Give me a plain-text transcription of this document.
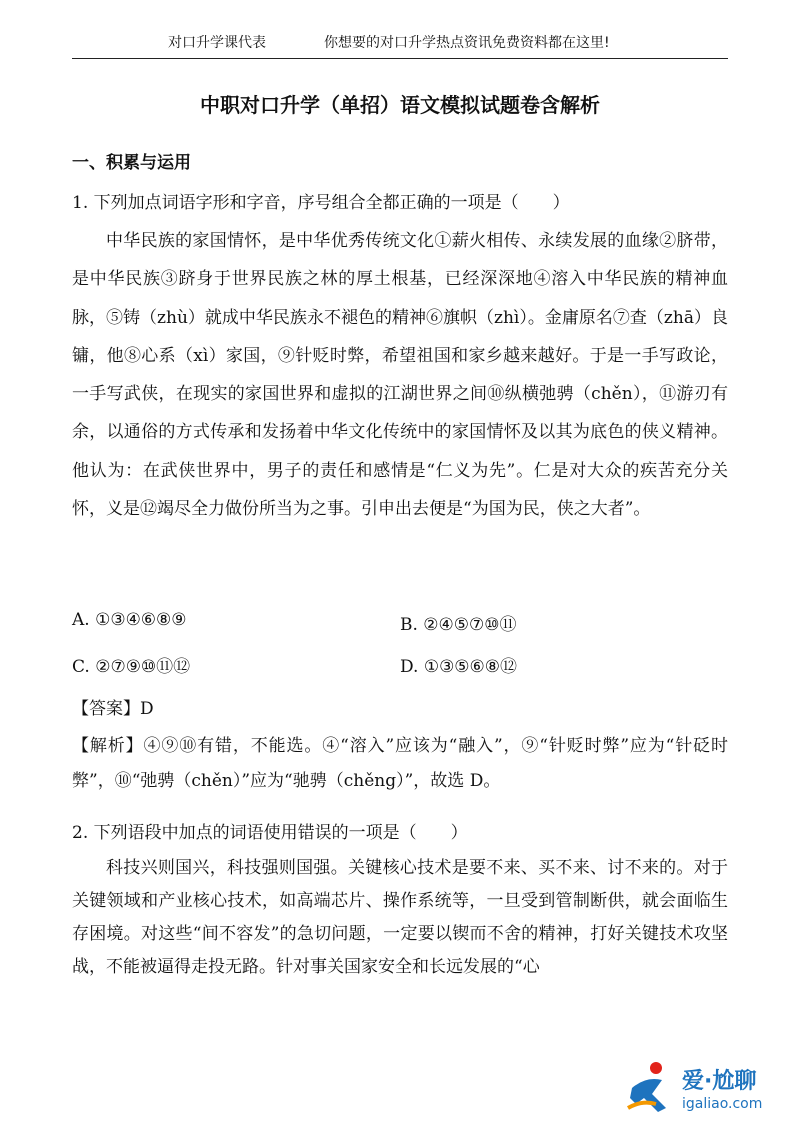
对口升学课代表	你想要的对口升学热点资讯免费资料都在这里!
中职对口升学（单招）语文模拟试题卷含解析
一、积累与运用
1. 下列加点词语字形和字音，序号组合全都正确的一项是（　　）
中华民族的家国情怀，是中华优秀传统文化①薪火相传、永续发展的血缘②脐带，是中华民族③跻身于世界民族之林的厚土根基，已经深深地④溶入中华民族的精神血脉，⑤铸（zhù）就成中华民族永不褪色的精神⑥旗帜（zhì）。金庸原名⑦查（zhā）良镛，他⑧心系（xì）家国，⑨针贬时弊，希望祖国和家乡越来越好。于是一手写政论，一手写武侠，在现实的家国世界和虚拟的江湖世界之间⑩纵横弛骋（chěn），⑪游刃有余，以通俗的方式传承和发扬着中华文化传统中的家国情怀及以其为底色的侠义精神。他认为：在武侠世界中，男子的责任和感情是“仁义为先”。仁是对大众的疾苦充分关怀，义是⑫竭尽全力做份所当为之事。引申出去便是“为国为民，侠之大者”。
A. ①③④⑥⑧⑨	B. ②④⑤⑦⑩⑪
C. ②⑦⑨⑩⑪⑫	D. ①③⑤⑥⑧⑫
【答案】D
【解析】④⑨⑩有错，不能选。④“溶入”应该为“融入”，⑨“针贬时弊”应为“针砭时弊”，⑩“弛骋（chěn）”应为“驰骋（chěng）”，故选 D。
2. 下列语段中加点的词语使用错误的一项是（　　）
科技兴则国兴，科技强则国强。关键核心技术是要不来、买不来、讨不来的。对于关键领域和产业核心技术，如高端芯片、操作系统等，一旦受到管制断供，就会面临生存困境。对这些“间不容发”的急切问题，一定要以锲而不舍的精神，打好关键技术攻坚战，不能被逼得走投无路。针对事关国家安全和长远发展的“心
爱·尬聊
igaliao.com
